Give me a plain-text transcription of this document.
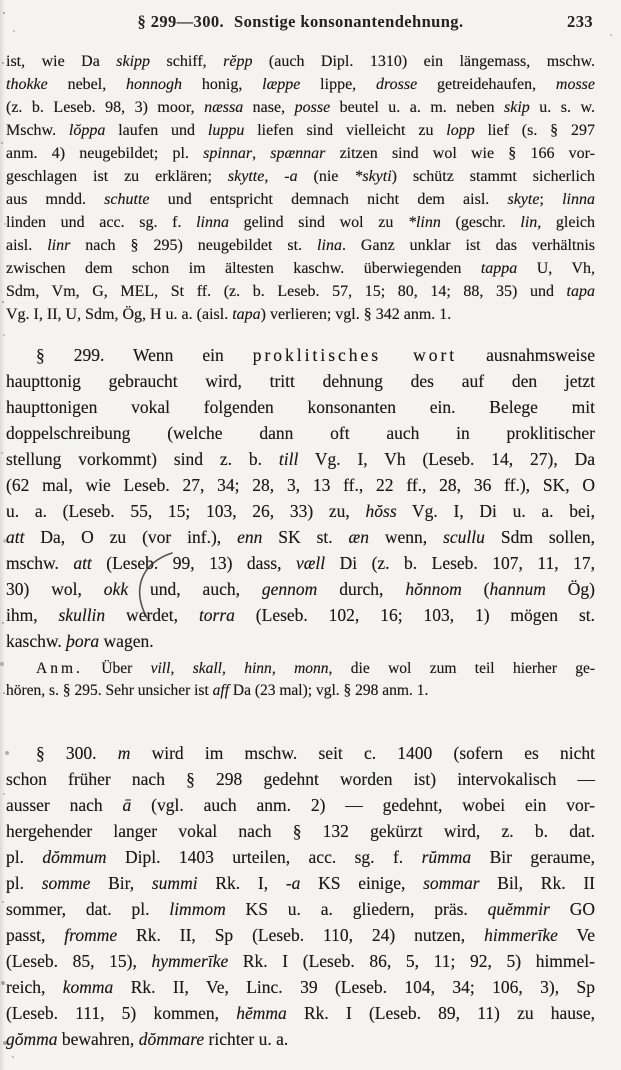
§ 299—300. Sonstige konsonantendehnung.	233
ist, wie Da skipp schiff, rĕpp (auch Dipl. 1310) ein längemass, mschw.
thokke nebel, honnogh honig, læppe lippe, drosse getreidehaufen, mosse
(z. b. Leseb. 98, 3) moor, næssa nase, posse beutel u. a. m. neben skip u. s. w.
Mschw. lŏppa laufen und luppu liefen sind vielleicht zu lopp lief (s. § 297
anm. 4) neugebildet; pl. spinnar, spænnar zitzen sind wol wie § 166 vor-
geschlagen ist zu erklären; skytte, -a (nie *skyti) schütz stammt sicherlich
aus mndd. schutte und entspricht demnach nicht dem aisl. skyte; linna
linden und acc. sg. f. linna gelind sind wol zu *linn (geschr. lin, gleich
aisl. linr nach § 295) neugebildet st. lina. Ganz unklar ist das verhältnis
zwischen dem schon im ältesten kaschw. überwiegenden tappa U, Vh,
Sdm, Vm, G, MEL, St ff. (z. b. Leseb. 57, 15; 80, 14; 88, 35) und tapa
Vg. I, II, U, Sdm, Ög, H u. a. (aisl. tapa) verlieren; vgl. § 342 anm. 1.
§ 299. Wenn ein proklitisches wort ausnahmsweise
haupttonig gebraucht wird, tritt dehnung des auf den jetzt
haupttonigen vokal folgenden konsonanten ein. Belege mit
doppelschreibung (welche dann oft auch in proklitischer
stellung vorkommt) sind z. b. till Vg. I, Vh (Leseb. 14, 27), Da
(62 mal, wie Leseb. 27, 34; 28, 3, 13 ff., 22 ff., 28, 36 ff.), SK, O
u. a. (Leseb. 55, 15; 103, 26, 33) zu, hŏss Vg. I, Di u. a. bei,
att Da, O zu (vor inf.), enn SK st. æn wenn, scullu Sdm sollen,
mschw. att (Leseb. 99, 13) dass, væll Di (z. b. Leseb. 107, 11, 17,
30) wol, okk und, auch, gennom durch, hŏnnom (hannum Ög)
ihm, skullin werdet, torra (Leseb. 102, 16; 103, 1) mögen st.
kaschw. þora wagen.
Anm. Über vill, skall, hinn, monn, die wol zum teil hierher ge-
hören, s. § 295. Sehr unsicher ist aff Da (23 mal); vgl. § 298 anm. 1.
§ 300. m wird im mschw. seit c. 1400 (sofern es nicht
schon früher nach § 298 gedehnt worden ist) intervokalisch —
ausser nach ā (vgl. auch anm. 2) — gedehnt, wobei ein vor-
hergehender langer vokal nach § 132 gekürzt wird, z. b. dat.
pl. dŏmmum Dipl. 1403 urteilen, acc. sg. f. rŭmma Bir geraume,
pl. somme Bir, summi Rk. I, -a KS einige, sommar Bil, Rk. II
sommer, dat. pl. limmom KS u. a. gliedern, präs. quĕmmir GO
passt, fromme Rk. II, Sp (Leseb. 110, 24) nutzen, himmerīke Ve
(Leseb. 85, 15), hymmerīke Rk. I (Leseb. 86, 5, 11; 92, 5) himmel-
reich, komma Rk. II, Ve, Linc. 39 (Leseb. 104, 34; 106, 3), Sp
(Leseb. 111, 5) kommen, hĕmma Rk. I (Leseb. 89, 11) zu hause,
gŏmma bewahren, dŏmmare richter u. a.
